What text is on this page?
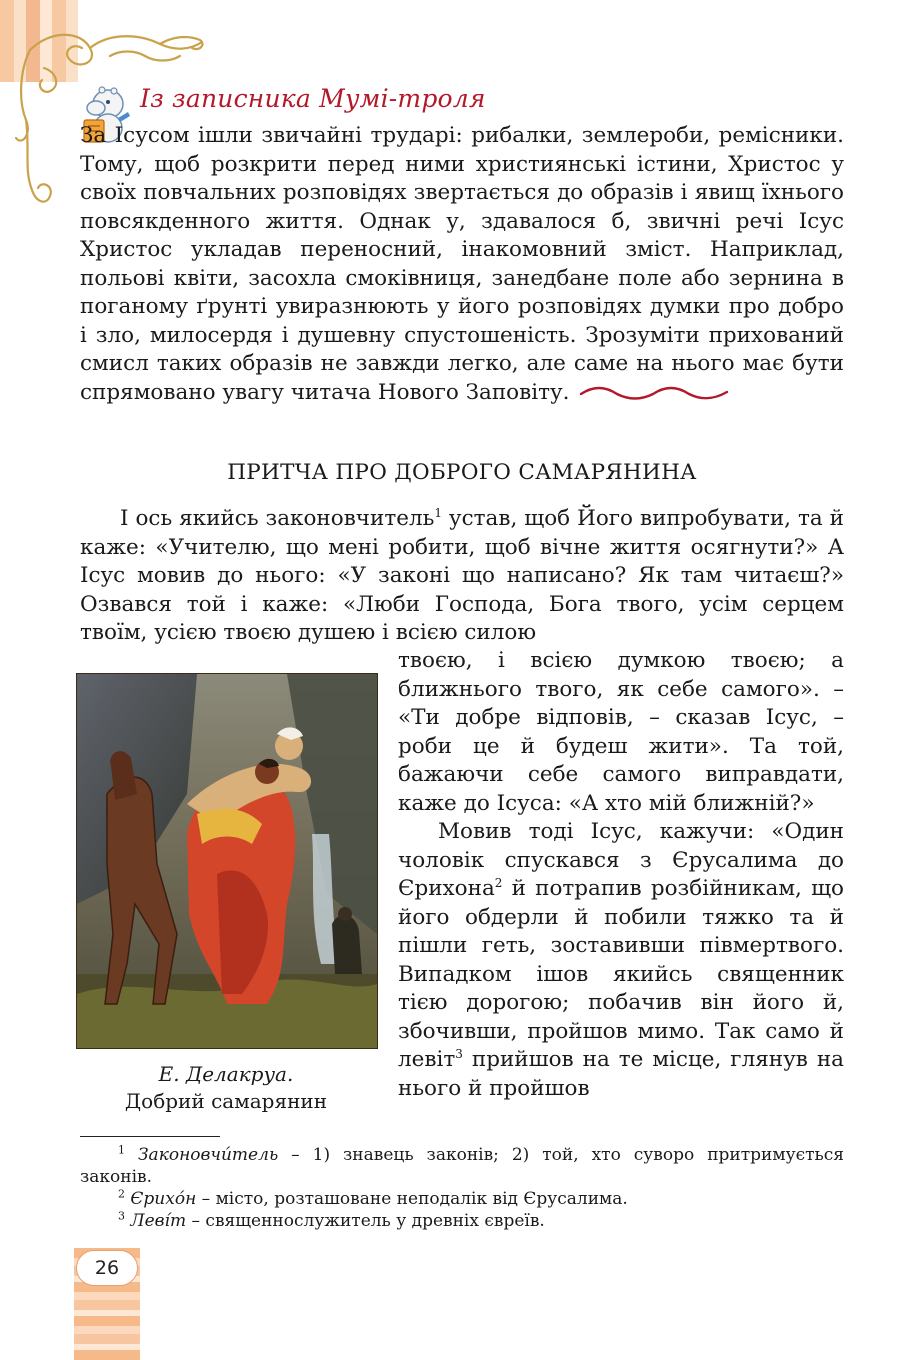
Із записника Мумі-троля

За Ісусом ішли звичайні трударі: рибалки, землероби, ремісники. Тому, щоб розкрити перед ними християнські істини, Христос у своїх повчальних розповідях звертається до образів і явищ їхнього повсякденного життя. Однак у, здавалося б, звичні речі Ісус Христос укладав переносний, інакомовний зміст. Наприклад, польові квіти, засохла смоківниця, занедбане поле або зернина в поганому ґрунті увиразнюють у його розповідях думки про добро і зло, милосердя і душевну спустошеність. Зрозуміти прихований смисл таких образів не завжди легко, але саме на нього має бути спрямовано увагу читача Нового Заповіту.

ПРИТЧА ПРО ДОБРОГО САМАРЯНИНА

І ось якийсь законовчитель$^1$ устав, щоб Його випробувати, та й каже: «Учителю, що мені робити, щоб вічне життя осягнути?» А Ісус мовив до нього: «У законі що написано? Як там читаєш?» Озвався той і каже: «Люби Господа, Бога твого, усім серцем твоїм, усією твоєю душею і всією силою

Е. Делакруа.
Добрий самарянин

твоєю, і всією думкою твоєю; а ближнього твого, як себе самого». – «Ти добре відповів, – сказав Ісус, – роби це й будеш жити». Та той, бажаючи себе самого виправдати, каже до Ісуса: «А хто мій ближній?»

Мовив тоді Ісус, кажучи: «Один чоловік спускався з Єрусалима до Єрихона$^2$ й потрапив розбійникам, що його обдерли й побили тяжко та й пішли геть, зоставивши півмертвого. Випадком ішов якийсь священник тією дорогою; побачив він його й, збочивши, пройшов мимо. Так само й левіт$^3$ прийшов на те місце, глянув на нього й пройшов

$^1$ Законовчи́тель – 1) знавець законів; 2) той, хто суворо притримується законів.

$^2$ Єрихо́н – місто, розташоване неподалік від Єрусалима.

$^3$ Леві́т – священнослужитель у древніх євреїв.

26
